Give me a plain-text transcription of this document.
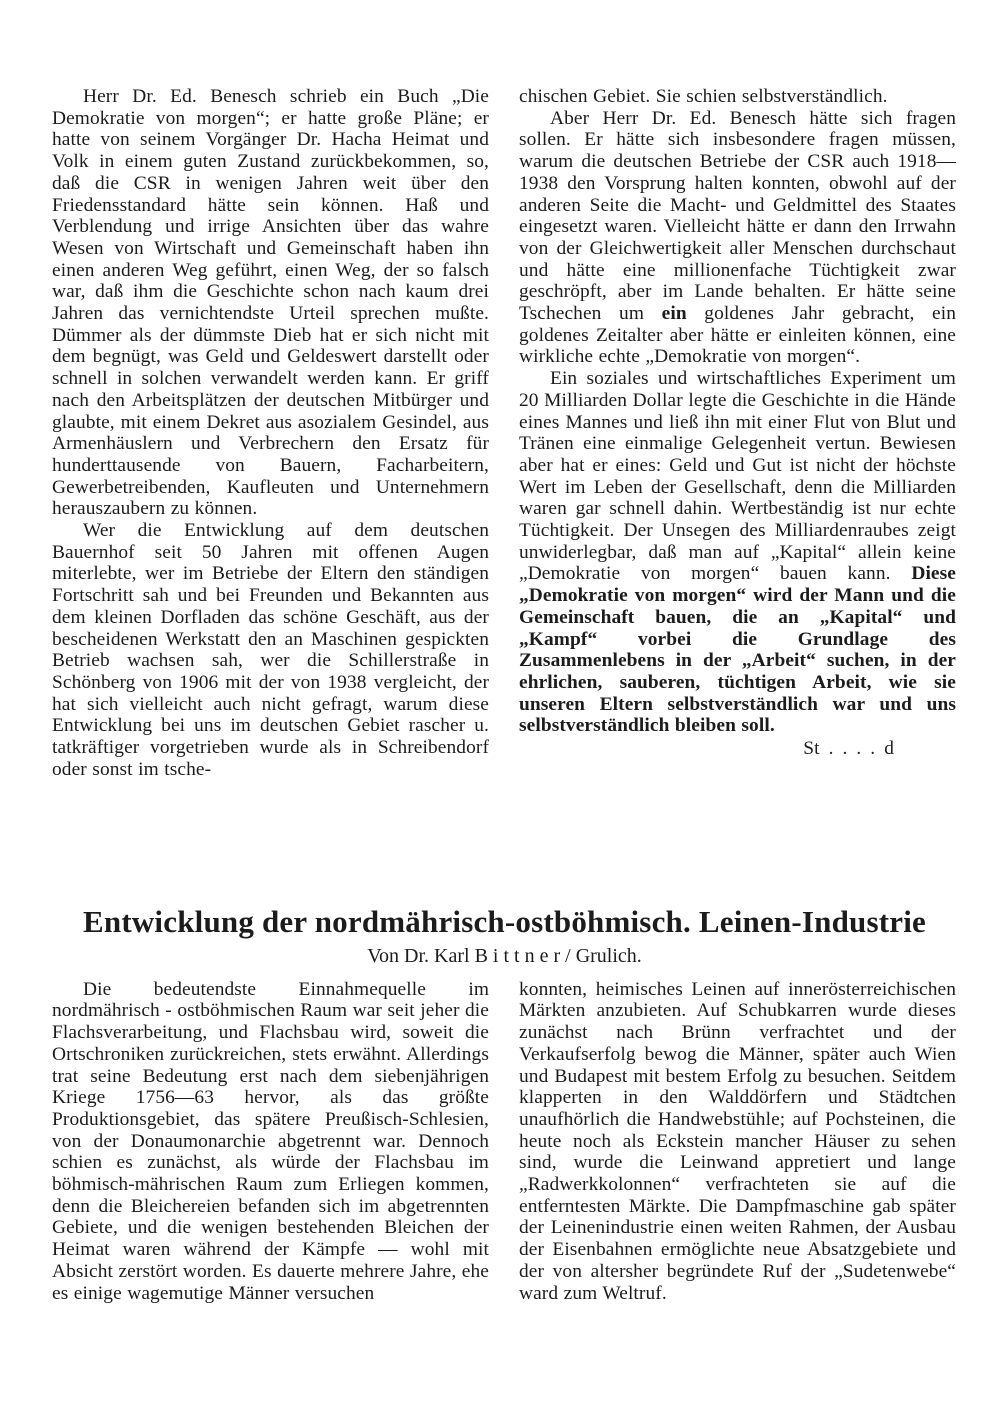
Herr Dr. Ed. Benesch schrieb ein Buch „Die Demokratie von morgen“; er hatte große Pläne; er hatte von seinem Vorgänger Dr. Hacha Heimat und Volk in einem guten Zustand zurückbekommen, so, daß die CSR in wenigen Jahren weit über den Friedensstandard hätte sein können. Haß und Verblendung und irrige Ansichten über das wahre Wesen von Wirtschaft und Gemeinschaft haben ihn einen anderen Weg geführt, einen Weg, der so falsch war, daß ihm die Geschichte schon nach kaum drei Jahren das vernichtendste Urteil sprechen mußte. Dümmer als der dümmste Dieb hat er sich nicht mit dem begnügt, was Geld und Geldeswert darstellt oder schnell in solchen verwandelt werden kann. Er griff nach den Arbeitsplätzen der deutschen Mitbürger und glaubte, mit einem Dekret aus asozialem Gesindel, aus Armenhäuslern und Verbrechern den Ersatz für hunderttausende von Bauern, Facharbeitern, Gewerbetreibenden, Kaufleuten und Unternehmern herauszaubern zu können.

Wer die Entwicklung auf dem deutschen Bauernhof seit 50 Jahren mit offenen Augen miterlebte, wer im Betriebe der Eltern den ständigen Fortschritt sah und bei Freunden und Bekannten aus dem kleinen Dorfladen das schöne Geschäft, aus der bescheidenen Werkstatt den an Maschinen gespickten Betrieb wachsen sah, wer die Schillerstraße in Schönberg von 1906 mit der von 1938 vergleicht, der hat sich vielleicht auch nicht gefragt, warum diese Entwicklung bei uns im deutschen Gebiet rascher u. tatkräftiger vorgetrieben wurde als in Schreibendorf oder sonst im tsche-

chischen Gebiet. Sie schien selbstverständlich.

Aber Herr Dr. Ed. Benesch hätte sich fragen sollen. Er hätte sich insbesondere fragen müssen, warum die deutschen Betriebe der CSR auch 1918—1938 den Vorsprung halten konnten, obwohl auf der anderen Seite die Macht- und Geldmittel des Staates eingesetzt waren. Vielleicht hätte er dann den Irrwahn von der Gleichwertigkeit aller Menschen durchschaut und hätte eine millionenfache Tüchtigkeit zwar geschröpft, aber im Lande behalten. Er hätte seine Tschechen um ein goldenes Jahr gebracht, ein goldenes Zeitalter aber hätte er einleiten können, eine wirkliche echte „Demokratie von morgen“.

Ein soziales und wirtschaftliches Experiment um 20 Milliarden Dollar legte die Geschichte in die Hände eines Mannes und ließ ihn mit einer Flut von Blut und Tränen eine einmalige Gelegenheit vertun. Bewiesen aber hat er eines: Geld und Gut ist nicht der höchste Wert im Leben der Gesellschaft, denn die Milliarden waren gar schnell dahin. Wertbeständig ist nur echte Tüchtigkeit. Der Unsegen des Milliardenraubes zeigt unwiderlegbar, daß man auf „Kapital“ allein keine „Demokratie von morgen“ bauen kann. Diese „Demokratie von morgen“ wird der Mann und die Gemeinschaft bauen, die an „Kapital“ und „Kampf“ vorbei die Grundlage des Zusammenlebens in der „Arbeit“ suchen, in der ehrlichen, sauberen, tüchtigen Arbeit, wie sie unseren Eltern selbstverständlich war und uns selbstverständlich bleiben soll.

St . . . . d

Entwicklung der nordmährisch-ostböhmisch. Leinen-Industrie
Von Dr. Karl B i t t n e r / Grulich.

Die bedeutendste Einnahmequelle im nordmährisch - ostböhmischen Raum war seit jeher die Flachsverarbeitung, und Flachsbau wird, soweit die Ortschroniken zurückreichen, stets erwähnt. Allerdings trat seine Bedeutung erst nach dem siebenjährigen Kriege 1756—63 hervor, als das größte Produktionsgebiet, das spätere Preußisch-Schlesien, von der Donaumonarchie abgetrennt war. Dennoch schien es zunächst, als würde der Flachsbau im böhmisch-mährischen Raum zum Erliegen kommen, denn die Bleichereien befanden sich im abgetrennten Gebiete, und die wenigen bestehenden Bleichen der Heimat waren während der Kämpfe — wohl mit Absicht zerstört worden. Es dauerte mehrere Jahre, ehe es einige wagemutige Männer versuchen

konnten, heimisches Leinen auf innerösterreichischen Märkten anzubieten. Auf Schubkarren wurde dieses zunächst nach Brünn verfrachtet und der Verkaufserfolg bewog die Männer, später auch Wien und Budapest mit bestem Erfolg zu besuchen. Seitdem klapperten in den Walddörfern und Städtchen unaufhörlich die Handwebstühle; auf Pochsteinen, die heute noch als Eckstein mancher Häuser zu sehen sind, wurde die Leinwand appretiert und lange „Radwerkkolonnen“ verfrachteten sie auf die entferntesten Märkte. Die Dampfmaschine gab später der Leinenindustrie einen weiten Rahmen, der Ausbau der Eisenbahnen ermöglichte neue Absatzgebiete und der von altersher begründete Ruf der „Sudetenwebe“ ward zum Weltruf.
